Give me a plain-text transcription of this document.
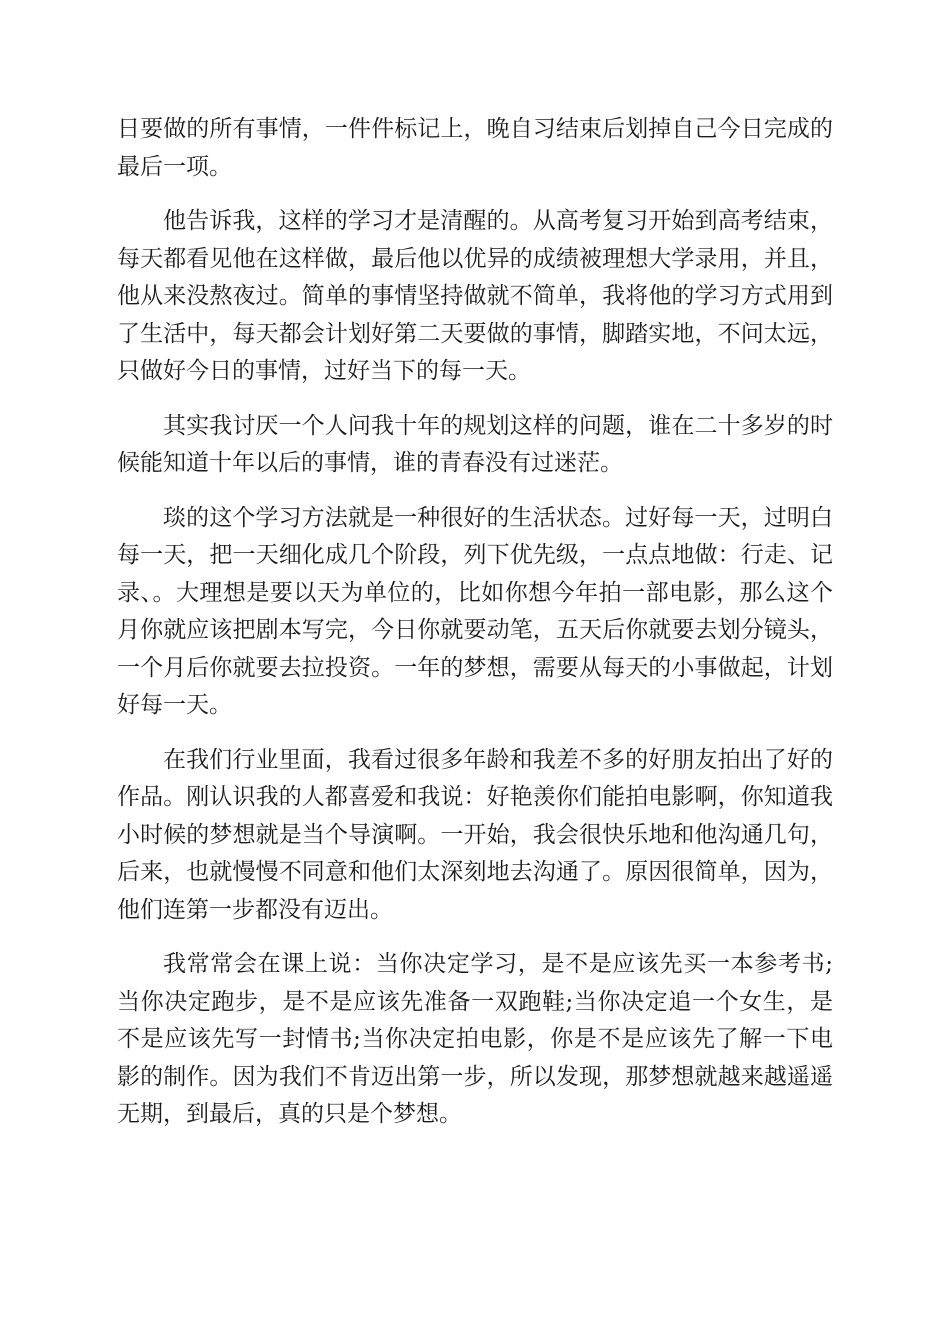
日要做的所有事情，一件件标记上，晚自习结束后划掉自己今日完成的最后一项。

他告诉我，这样的学习才是清醒的。从高考复习开始到高考结束，每天都看见他在这样做，最后他以优异的成绩被理想大学录用，并且，他从来没熬夜过。简单的事情坚持做就不简单，我将他的学习方式用到了生活中，每天都会计划好第二天要做的事情，脚踏实地，不问太远，只做好今日的事情，过好当下的每一天。

其实我讨厌一个人问我十年的规划这样的问题，谁在二十多岁的时候能知道十年以后的事情，谁的青春没有过迷茫。

琰的这个学习方法就是一种很好的生活状态。过好每一天，过明白每一天，把一天细化成几个阶段，列下优先级，一点点地做：行走、记录、。大理想是要以天为单位的，比如你想今年拍一部电影，那么这个月你就应该把剧本写完，今日你就要动笔，五天后你就要去划分镜头，一个月后你就要去拉投资。一年的梦想，需要从每天的小事做起，计划好每一天。

在我们行业里面，我看过很多年龄和我差不多的好朋友拍出了好的作品。刚认识我的人都喜爱和我说：好艳羡你们能拍电影啊，你知道我小时候的梦想就是当个导演啊。一开始，我会很快乐地和他沟通几句，后来，也就慢慢不同意和他们太深刻地去沟通了。原因很简单，因为，他们连第一步都没有迈出。

我常常会在课上说：当你决定学习，是不是应该先买一本参考书;当你决定跑步，是不是应该先准备一双跑鞋;当你决定追一个女生，是不是应该先写一封情书;当你决定拍电影，你是不是应该先了解一下电影的制作。因为我们不肯迈出第一步，所以发现，那梦想就越来越遥遥无期，到最后，真的只是个梦想。
